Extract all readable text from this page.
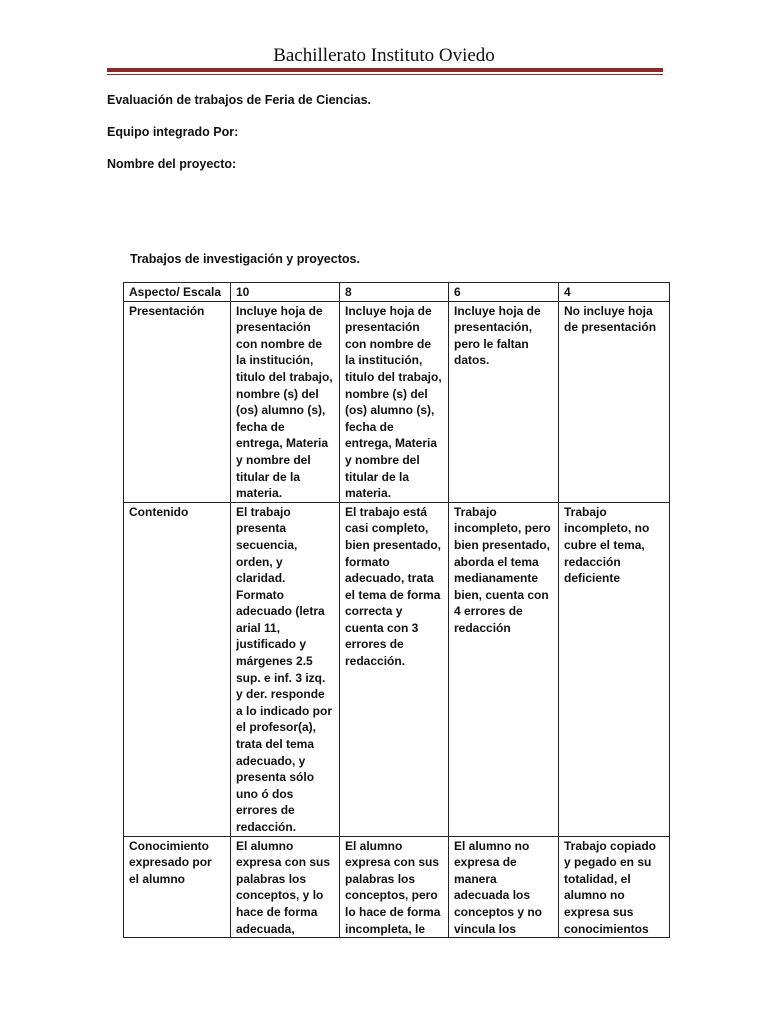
Bachillerato Instituto Oviedo
Evaluación de trabajos de Feria de Ciencias.
Equipo integrado Por:
Nombre del proyecto:
Trabajos de investigación y proyectos.
Aspecto/ Escala	10	8	6	4
Presentación	Incluye hoja de presentación con nombre de la institución, titulo del trabajo, nombre (s) del (os) alumno (s), fecha de entrega, Materia y nombre del titular de la materia.	Incluye hoja de presentación con nombre de la institución, titulo del trabajo, nombre (s) del (os) alumno (s), fecha de entrega, Materia y nombre del titular de la materia.	Incluye hoja de presentación, pero le faltan datos.	No incluye hoja de presentación
Contenido	El trabajo presenta secuencia, orden, y claridad. Formato adecuado (letra arial 11, justificado y márgenes 2.5 sup. e inf. 3 izq. y der. responde a lo indicado por el profesor(a), trata del tema adecuado, y presenta sólo uno ó dos errores de redacción.	El trabajo está casi completo, bien presentado, formato adecuado, trata el tema de forma correcta y cuenta con 3 errores de redacción.	Trabajo incompleto, pero bien presentado, aborda el tema medianamente bien, cuenta con 4 errores de redacción	Trabajo incompleto, no cubre el tema, redacción deficiente
Conocimiento expresado por el alumno	El alumno expresa con sus palabras los conceptos, y lo hace de forma adecuada,	El alumno expresa con sus palabras los conceptos, pero lo hace de forma incompleta, le	El alumno no expresa de manera adecuada los conceptos y no vincula los	Trabajo copiado y pegado en su totalidad, el alumno no expresa sus conocimientos
